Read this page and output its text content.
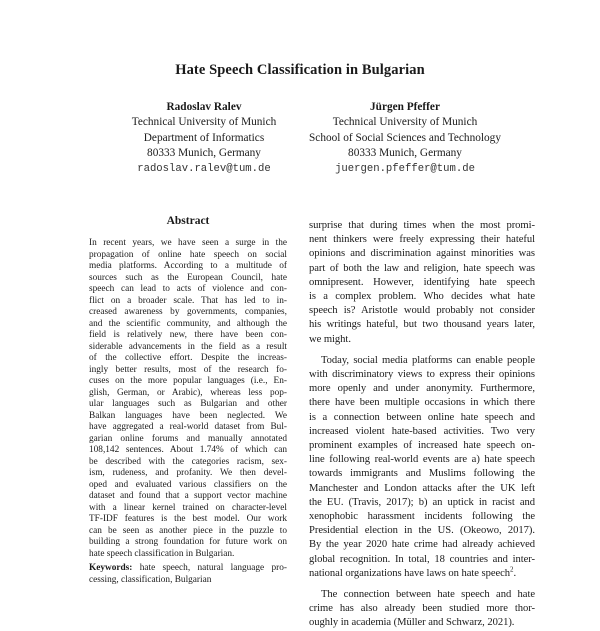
Hate Speech Classification in Bulgarian
Radoslav Ralev
Technical University of Munich
Department of Informatics
80333 Munich, Germany
radoslav.ralev@tum.de
Jürgen Pfeffer
Technical University of Munich
School of Social Sciences and Technology
80333 Munich, Germany
juergen.pfeffer@tum.de
Abstract
In recent years, we have seen a surge in the
propagation of online hate speech on social
media platforms. According to a multitude of
sources such as the European Council, hate
speech can lead to acts of violence and con-
flict on a broader scale. That has led to in-
creased awareness by governments, companies,
and the scientific community, and although the
field is relatively new, there have been con-
siderable advancements in the field as a result
of the collective effort. Despite the increas-
ingly better results, most of the research fo-
cuses on the more popular languages (i.e., En-
glish, German, or Arabic), whereas less pop-
ular languages such as Bulgarian and other
Balkan languages have been neglected. We
have aggregated a real-world dataset from Bul-
garian online forums and manually annotated
108,142 sentences. About 1.74% of which can
be described with the categories racism, sex-
ism, rudeness, and profanity. We then devel-
oped and evaluated various classifiers on the
dataset and found that a support vector machine
with a linear kernel trained on character-level
TF-IDF features is the best model. Our work
can be seen as another piece in the puzzle to
building a strong foundation for future work on
hate speech classification in Bulgarian.
Keywords: hate speech, natural language pro-
cessing, classification, Bulgarian
surprise that during times when the most promi-
nent thinkers were freely expressing their hateful
opinions and discrimination against minorities was
part of both the law and religion, hate speech was
omnipresent. However, identifying hate speech
is a complex problem. Who decides what hate
speech is? Aristotle would probably not consider
his writings hateful, but two thousand years later,
we might.
Today, social media platforms can enable people
with discriminatory views to express their opinions
more openly and under anonymity. Furthermore,
there have been multiple occasions in which there
is a connection between online hate speech and
increased violent hate-based activities. Two very
prominent examples of increased hate speech on-
line following real-world events are a) hate speech
towards immigrants and Muslims following the
Manchester and London attacks after the UK left
the EU. (Travis, 2017); b) an uptick in racist and
xenophobic harassment incidents following the
Presidential election in the US. (Okeowo, 2017).
By the year 2020 hate crime had already achieved
global recognition. In total, 18 countries and inter-
national organizations have laws on hate speech$^2$.
The connection between hate speech and hate
crime has also already been studied more thor-
oughly in academia (Müller and Schwarz, 2021).
